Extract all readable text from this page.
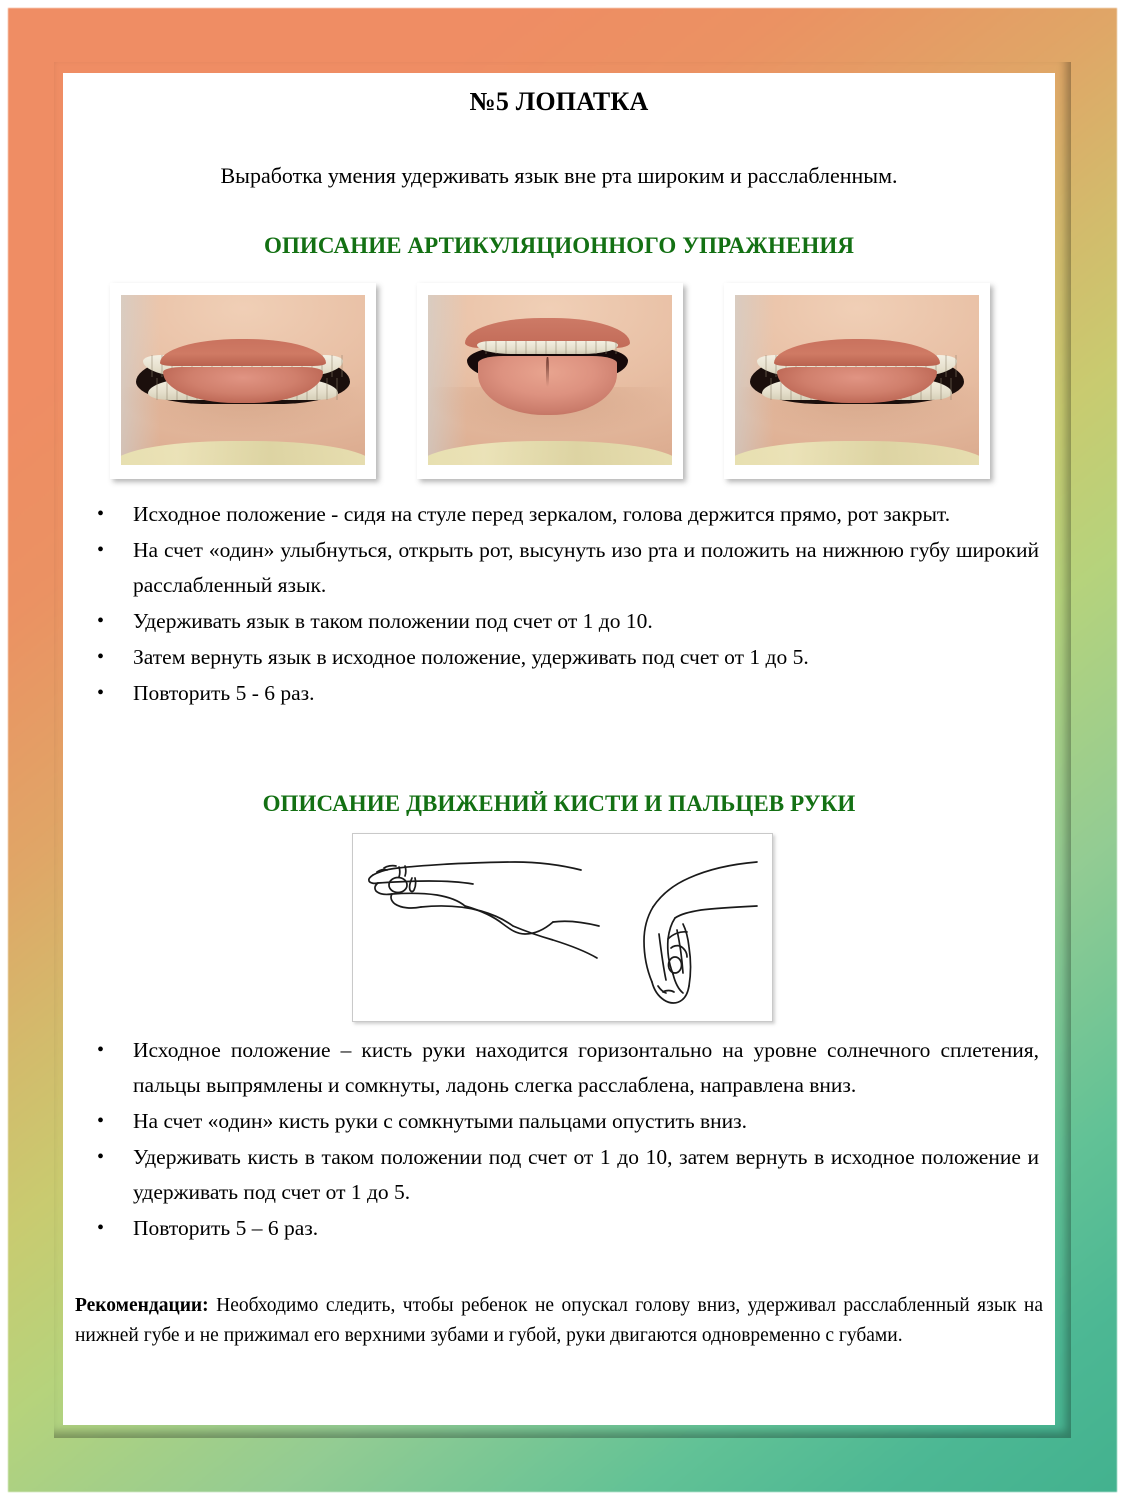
№5 ЛОПАТКА
Выработка умения удерживать язык вне рта широким и расслабленным.
ОПИСАНИЕ АРТИКУЛЯЦИОННОГО УПРАЖНЕНИЯ
• Исходное положение - сидя на стуле перед зеркалом, голова держится прямо, рот закрыт.
• На счет «один» улыбнуться, открыть рот, высунуть изо рта и положить на нижнюю губу широкий расслабленный язык.
• Удерживать язык в таком положении под счет от 1 до 10.
• Затем вернуть язык в исходное положение, удерживать под счет от 1 до 5.
• Повторить 5 - 6 раз.
ОПИСАНИЕ ДВИЖЕНИЙ КИСТИ И ПАЛЬЦЕВ РУКИ
• Исходное положение – кисть руки находится горизонтально на уровне солнечного сплетения, пальцы выпрямлены и сомкнуты, ладонь слегка расслаблена, направлена вниз.
• На счет «один» кисть руки с сомкнутыми пальцами опустить вниз.
• Удерживать кисть в таком положении под счет от 1 до 10, затем вернуть в исходное положение и удерживать под счет от 1 до 5.
• Повторить 5 – 6 раз.
Рекомендации: Необходимо следить, чтобы ребенок не опускал голову вниз, удерживал расслабленный язык на нижней губе и не прижимал его верхними зубами и губой, руки двигаются одновременно с губами.
